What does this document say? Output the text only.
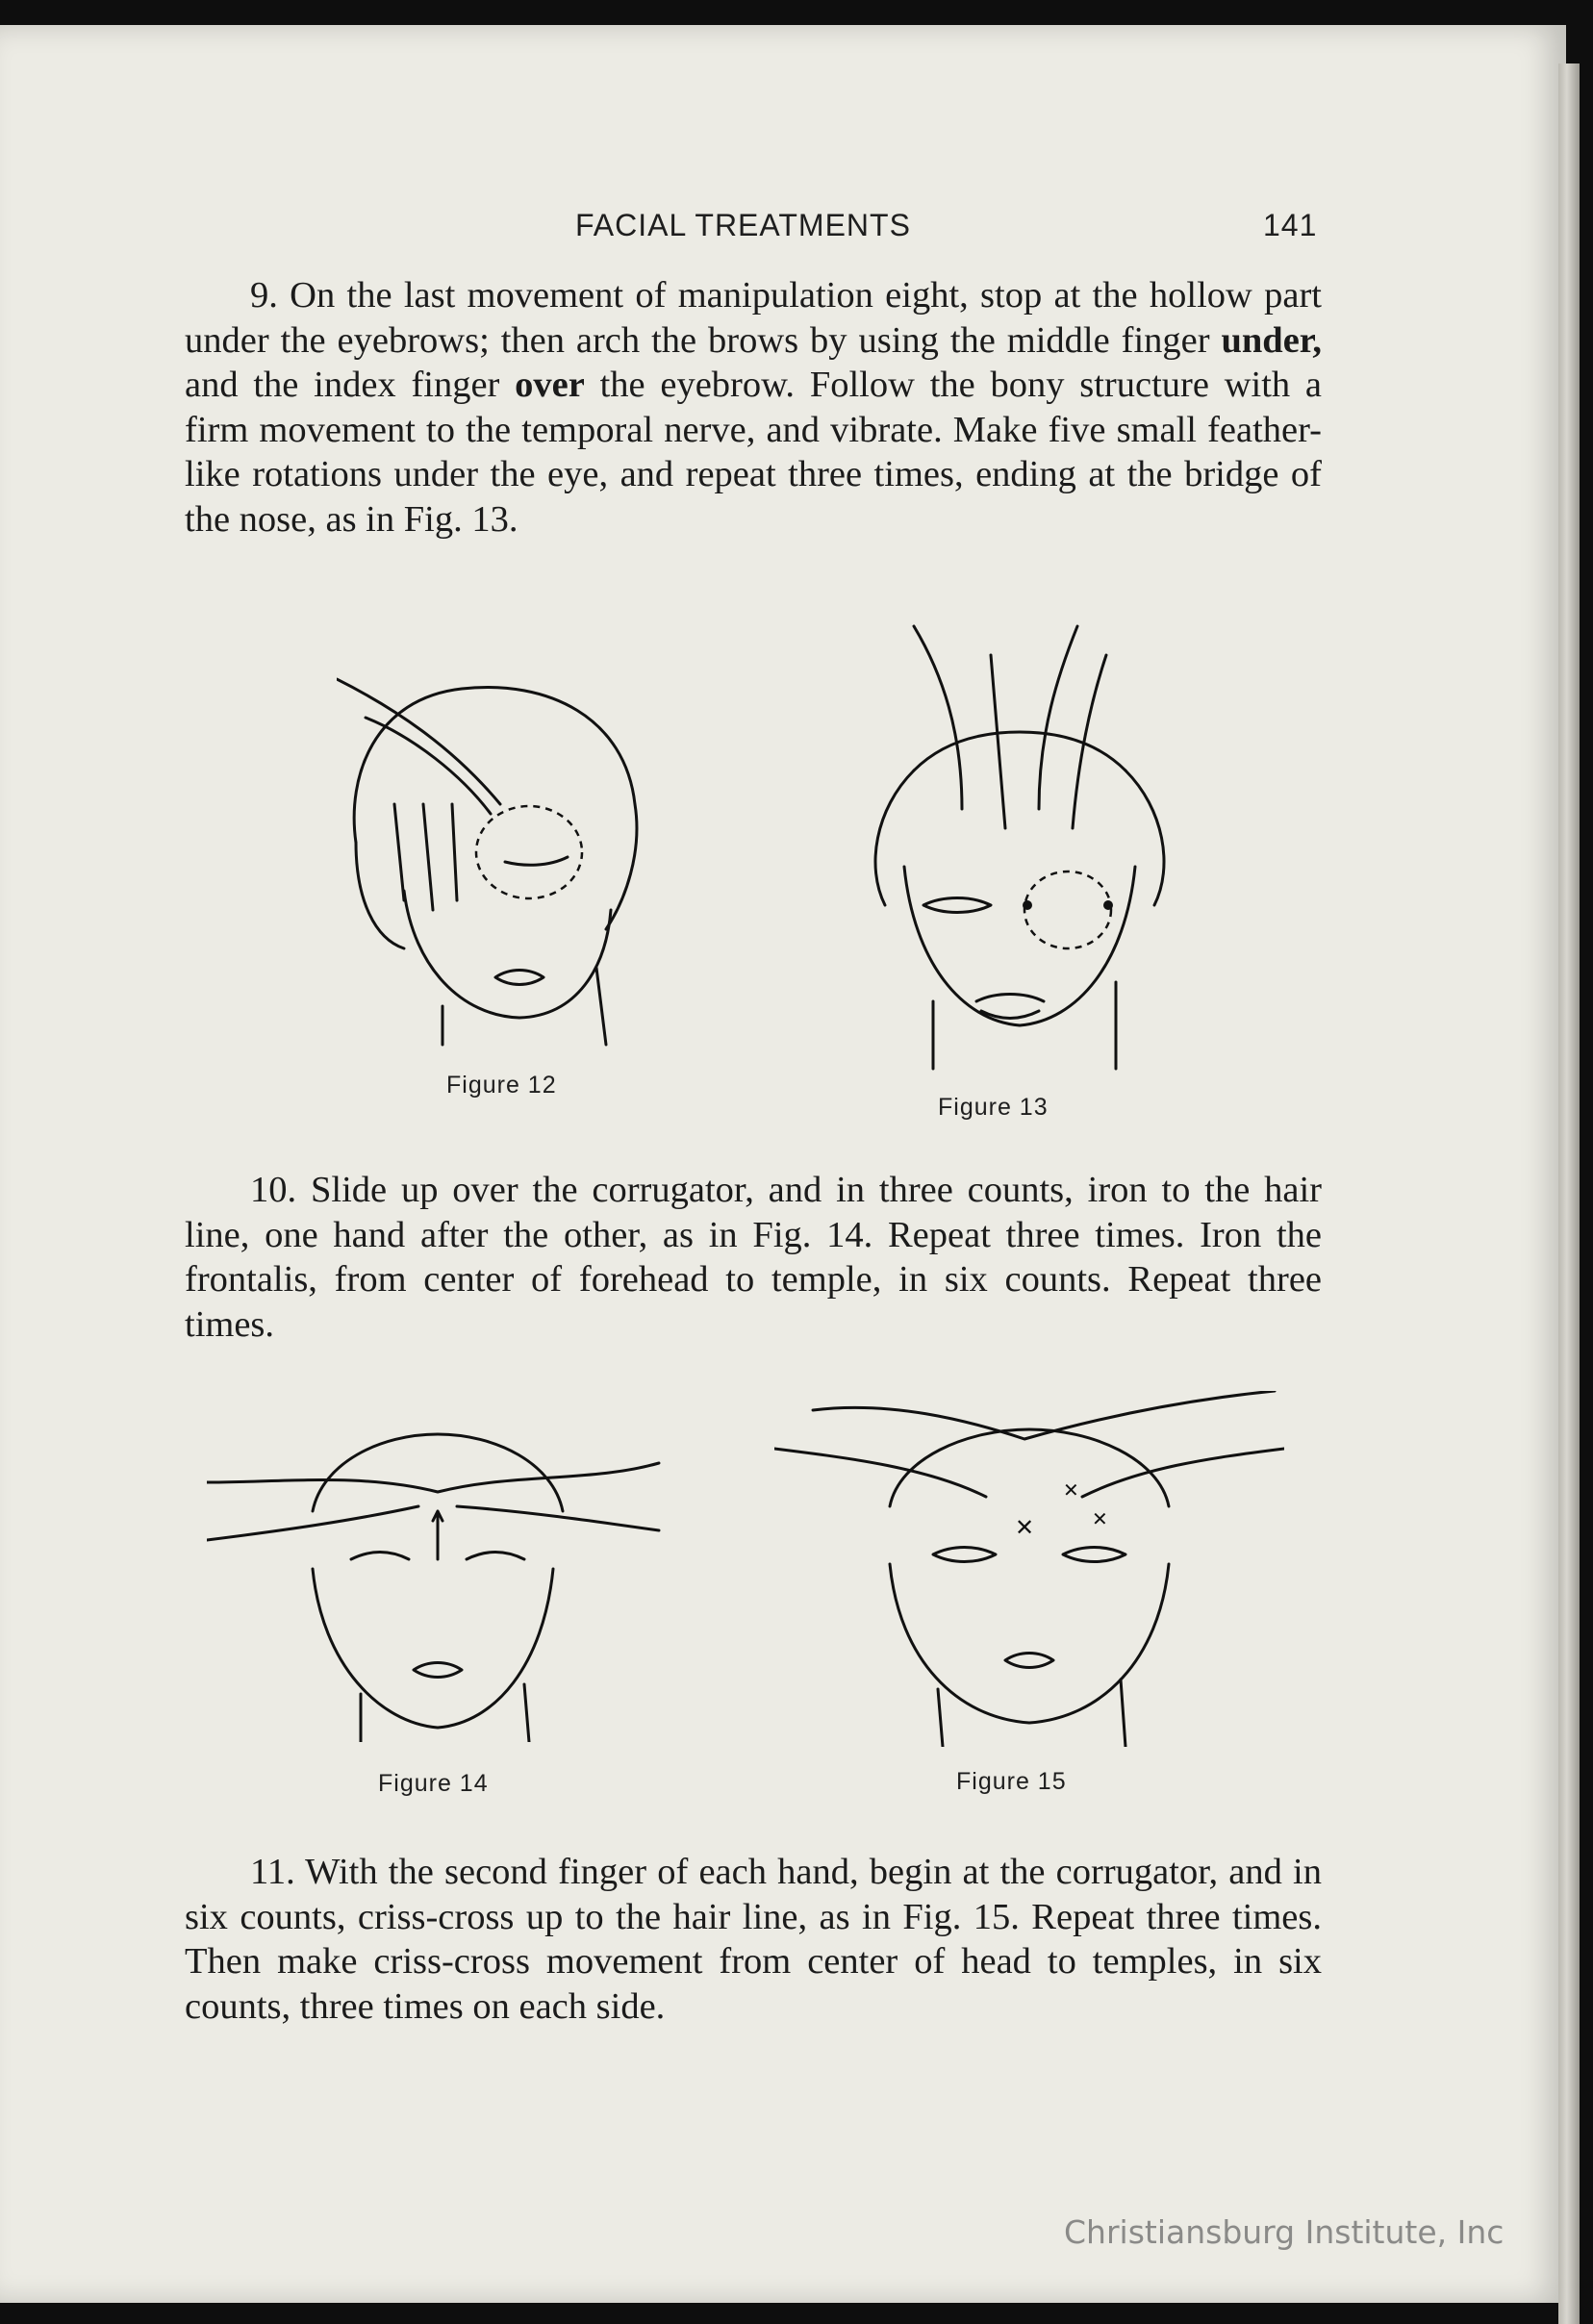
FACIAL TREATMENTS	141

9. On the last movement of manipulation eight, stop at the hollow part under the eyebrows; then arch the brows by using the middle finger under, and the index finger over the eyebrow. Follow the bony structure with a firm movement to the temporal nerve, and vibrate. Make five small feather-like rotations under the eye, and repeat three times, ending at the bridge of the nose, as in Fig. 13.

Figure 12
Figure 13

10. Slide up over the corrugator, and in three counts, iron to the hair line, one hand after the other, as in Fig. 14. Repeat three times. Iron the frontalis, from center of forehead to temple, in six counts. Repeat three times.

Figure 14
✕
✕
✕
Figure 15

11. With the second finger of each hand, begin at the corrugator, and in six counts, criss-cross up to the hair line, as in Fig. 15. Repeat three times. Then make criss-cross movement from center of head to temples, in six counts, three times on each side.

Christiansburg Institute, Inc
